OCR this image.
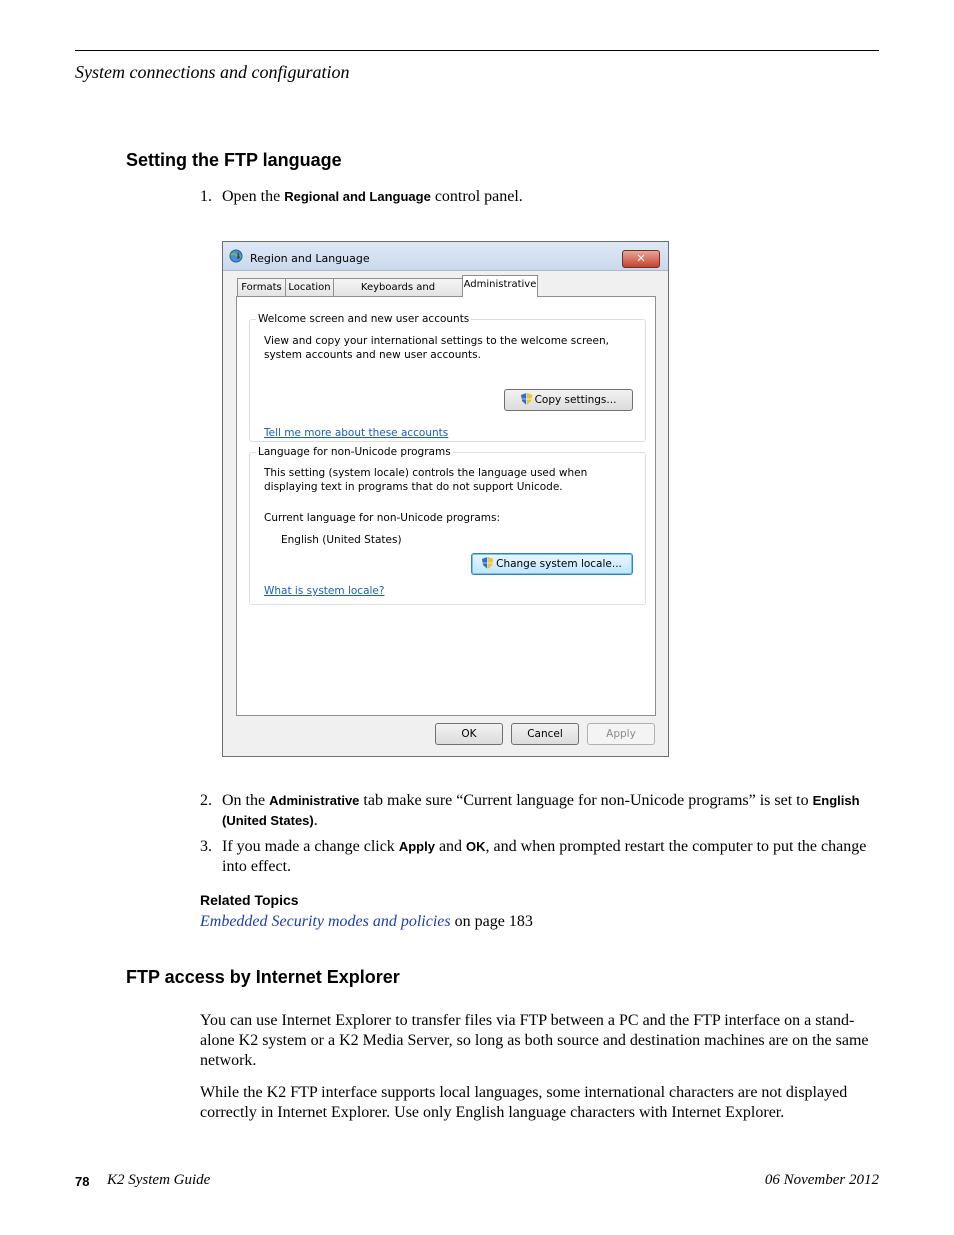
System connections and configuration
Setting the FTP language
1. Open the Regional and Language control panel.
Region and Language	✕
Formats Location	Keyboards and	Administrative
Welcome screen and new user accounts
View and copy your international settings to the welcome screen, system accounts and new user accounts.
Copy settings...
Tell me more about these accounts
Language for non-Unicode programs
This setting (system locale) controls the language used when displaying text in programs that do not support Unicode.
Current language for non-Unicode programs:
English (United States)
Change system locale...
What is system locale?
OK	Cancel	Apply
2. On the Administrative tab make sure “Current language for non-Unicode programs” is set to English (United States).
3. If you made a change click Apply and OK, and when prompted restart the computer to put the change into effect.
Related Topics
Embedded Security modes and policies on page 183
FTP access by Internet Explorer

You can use Internet Explorer to transfer files via FTP between a PC and the FTP interface on a stand-alone K2 system or a K2 Media Server, so long as both source and destination machines are on the same network.

While the K2 FTP interface supports local languages, some international characters are not displayed correctly in Internet Explorer. Use only English language characters with Internet Explorer.

78 K2 System Guide	06 November 2012
